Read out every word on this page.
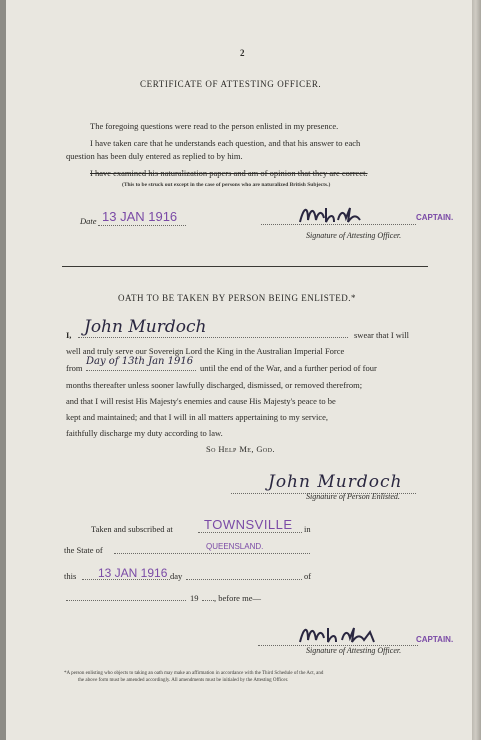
2
CERTIFICATE OF ATTESTING OFFICER.
The foregoing questions were read to the person enlisted in my presence.
I have taken care that he understands each question, and that his answer to each
question has been duly entered as replied to by him.
I have examined his naturalization papers and am of opinion that they are correct.
(This to be struck out except in the case of persons who are naturalized British Subjects.)
Date 13 JAN 1916	CAPTAIN.
Signature of Attesting Officer.
OATH TO BE TAKEN BY PERSON BEING ENLISTED.*
I, John Murdoch	swear that I will
well and truly serve our Sovereign Lord the King in the Australian Imperial Force
from
Day of 13th Jan 1916
until the end of the War, and a further period of four
months thereafter unless sooner lawfully discharged, dismissed, or removed therefrom;
and that I will resist His Majesty's enemies and cause His Majesty's peace to be
kept and maintained; and that I will in all matters appertaining to my service,
faithfully discharge my duty according to law.
So Help Me, God.
John Murdoch
Signature of Person Enlisted.
Taken and subscribed at TOWNSVILLE in
the State of	QUEENSLAND.
this 13 JAN 1916 day	of
19 , before me—
CAPTAIN.
Signature of Attesting Officer.
*A person enlisting who objects to taking an oath may make an affirmation in accordance with the Third Schedule of the Act, and
the above form must be amended accordingly. All amendments must be initialed by the Attesting Officer.
